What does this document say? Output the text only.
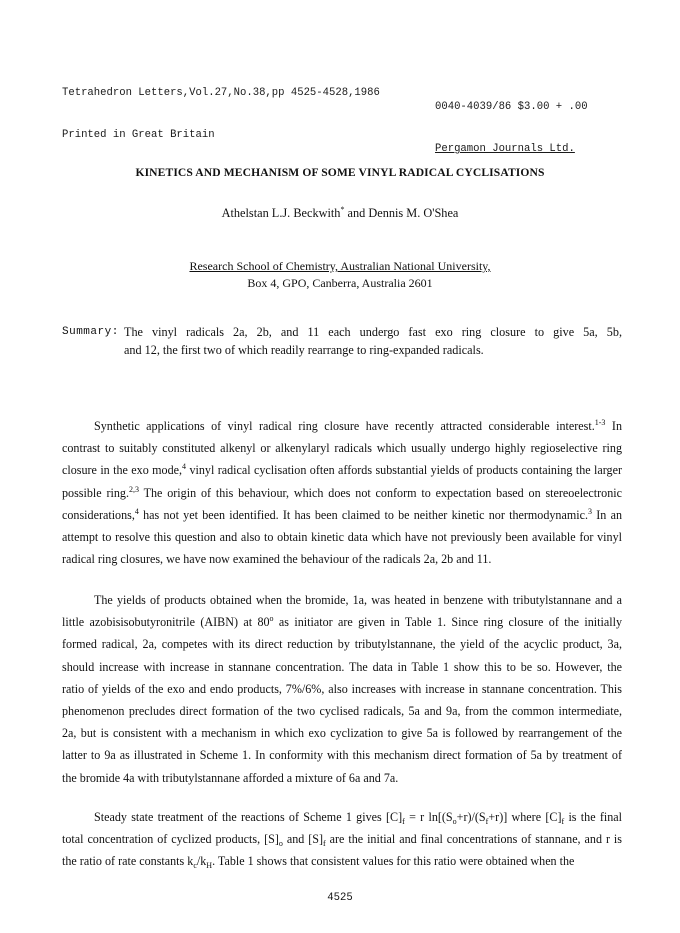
Tetrahedron Letters,Vol.27,No.38,pp 4525-4528,1986

0040-4039/86 $3.00 + .00

Printed in Great Britain

Pergamon Journals Ltd.

KINETICS AND MECHANISM OF SOME VINYL RADICAL CYCLISATIONS
Athelstan L.J. Beckwith* and Dennis M. O'Shea
Research School of Chemistry, Australian National University,
Box 4, GPO, Canberra, Australia 2601
Summary: The vinyl radicals 2a, 2b, and 11 each undergo fast exo ring closure to give 5a, 5b,
and 12, the first two of which readily rearrange to ring-expanded radicals.
Synthetic applications of vinyl radical ring closure have recently attracted considerable interest.$^{1-3}$ In
contrast to suitably constituted alkenyl or alkenylaryl radicals which usually undergo highly regioselective ring
closure in the exo mode,$^4$ vinyl radical cyclisation often affords substantial yields of products containing the larger
possible ring.$^{2,3}$ The origin of this behaviour, which does not conform to expectation based on stereoelectronic
considerations,$^4$ has not yet been identified. It has been claimed to be neither kinetic nor thermodynamic.$^3$ In an
attempt to resolve this question and also to obtain kinetic data which have not previously been available for vinyl
radical ring closures, we have now examined the behaviour of the radicals 2a, 2b and 11.
The yields of products obtained when the bromide, 1a, was heated in benzene with tributylstannane and a
little azobisisobutyronitrile (AIBN) at 80$^o$ as initiator are given in Table 1. Since ring closure of the initially
formed radical, 2a, competes with its direct reduction by tributylstannane, the yield of the acyclic product, 3a,
should increase with increase in stannane concentration. The data in Table 1 show this to be so. However, the
ratio of yields of the exo and endo products, 7%/6%, also increases with increase in stannane concentration. This
phenomenon precludes direct formation of the two cyclised radicals, 5a and 9a, from the common intermediate,
2a, but is consistent with a mechanism in which exo cyclization to give 5a is followed by rearrangement of the
latter to 9a as illustrated in Scheme 1. In conformity with this mechanism direct formation of 5a by treatment of
the bromide 4a with tributylstannane afforded a mixture of 6a and 7a.
Steady state treatment of the reactions of Scheme 1 gives $[C]_f = r$ $\ln[(S_o+r)/(S_f+r)]$ where $[C]_f$ is the final
total concentration of cyclized products, $[S]_o$ and $[S]_f$ are the initial and final concentrations of stannane, and r is
the ratio of rate constants $k_c/k_H$. Table 1 shows that consistent values for this ratio were obtained when the
4525
